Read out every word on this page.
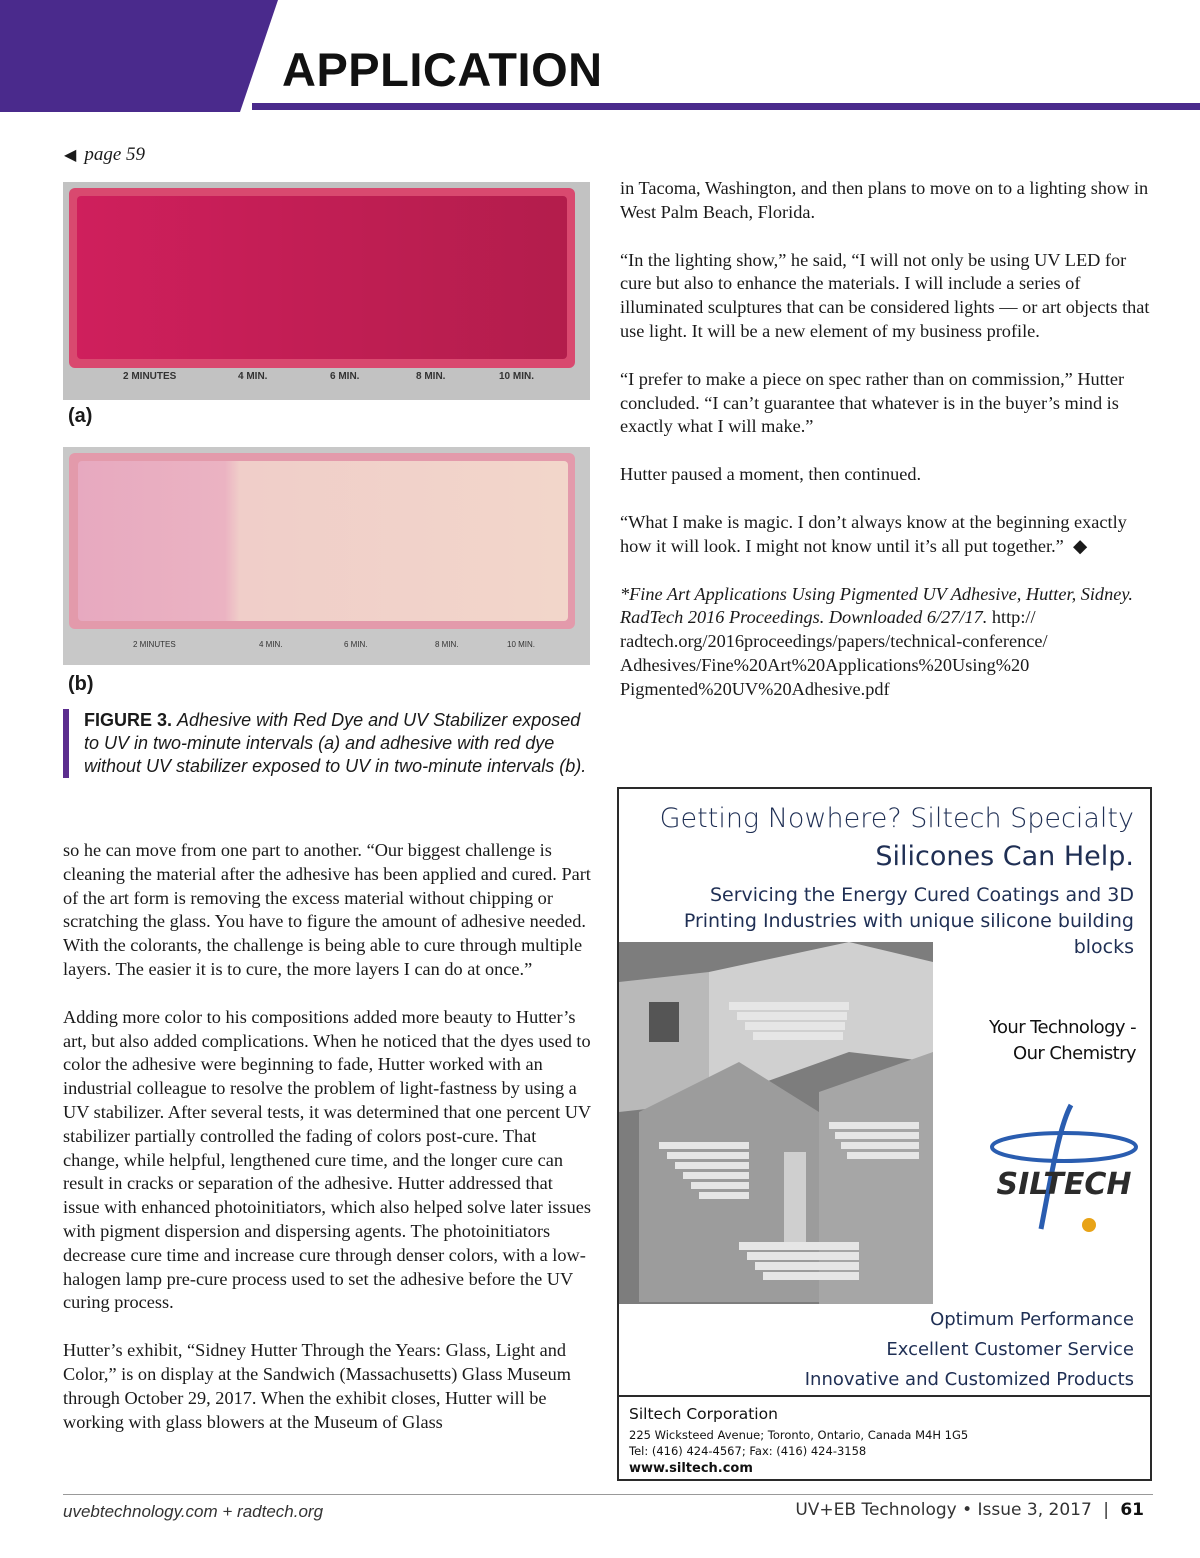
APPLICATION
◀ page 59
2 MINUTES	4 MIN.	6 MIN.	8 MIN.	10 MIN.
(a)
2 MINUTES	4 MIN.	6 MIN.	8 MIN.	10 MIN.
(b)
FIGURE 3. Adhesive with Red Dye and UV Stabilizer exposed to UV in two-minute intervals (a) and adhesive with red dye without UV stabilizer exposed to UV in two-minute intervals (b).

so he can move from one part to another. “Our biggest challenge is cleaning the material after the adhesive has been applied and cured. Part of the art form is removing the excess material without chipping or scratching the glass. You have to figure the amount of adhesive needed. With the colorants, the challenge is being able to cure through multiple layers. The easier it is to cure, the more layers I can do at once.”

Adding more color to his compositions added more beauty to Hutter’s art, but also added complications. When he noticed that the dyes used to color the adhesive were beginning to fade, Hutter worked with an industrial colleague to resolve the problem of light-fastness by using a UV stabilizer. After several tests, it was determined that one percent UV stabilizer partially controlled the fading of colors post-cure. That change, while helpful, lengthened cure time, and the longer cure can result in cracks or separation of the adhesive. Hutter addressed that issue with enhanced photoinitiators, which also helped solve later issues with pigment dispersion and dispersing agents. The photoinitiators decrease cure time and increase cure through denser colors, with a low-halogen lamp pre-cure process used to set the adhesive before the UV curing process.

Hutter’s exhibit, “Sidney Hutter Through the Years: Glass, Light and Color,” is on display at the Sandwich (Massachusetts) Glass Museum through October 29, 2017. When the exhibit closes, Hutter will be working with glass blowers at the Museum of Glass

in Tacoma, Washington, and then plans to move on to a lighting show in West Palm Beach, Florida.

“In the lighting show,” he said, “I will not only be using UV LED for cure but also to enhance the materials. I will include a series of illuminated sculptures that can be considered lights — or art objects that use light. It will be a new element of my business profile.

“I prefer to make a piece on spec rather than on commission,” Hutter concluded. “I can’t guarantee that whatever is in the buyer’s mind is exactly what I will make.”

Hutter paused a moment, then continued.

“What I make is magic. I don’t always know at the beginning exactly how it will look. I might not know until it’s all put together.” ◆

*Fine Art Applications Using Pigmented UV Adhesive, Hutter, Sidney. RadTech 2016 Proceedings. Downloaded 6/27/17. http:// radtech.org/2016proceedings/papers/technical-conference/ Adhesives/Fine%20Art%20Applications%20Using%20 Pigmented%20UV%20Adhesive.pdf

Getting Nowhere? Siltech Specialty
Silicones Can Help.
Servicing the Energy Cured Coatings and 3D Printing Industries with unique silicone building blocks
Your Technology -
Our Chemistry
SILTECH
Optimum Performance
Excellent Customer Service
Innovative and Customized Products
Siltech Corporation
225 Wicksteed Avenue; Toronto, Ontario, Canada M4H 1G5
Tel: (416) 424-4567; Fax: (416) 424-3158
www.siltech.com
uvebtechnology.com + radtech.org	UV+EB Technology • Issue 3, 2017 | 61
